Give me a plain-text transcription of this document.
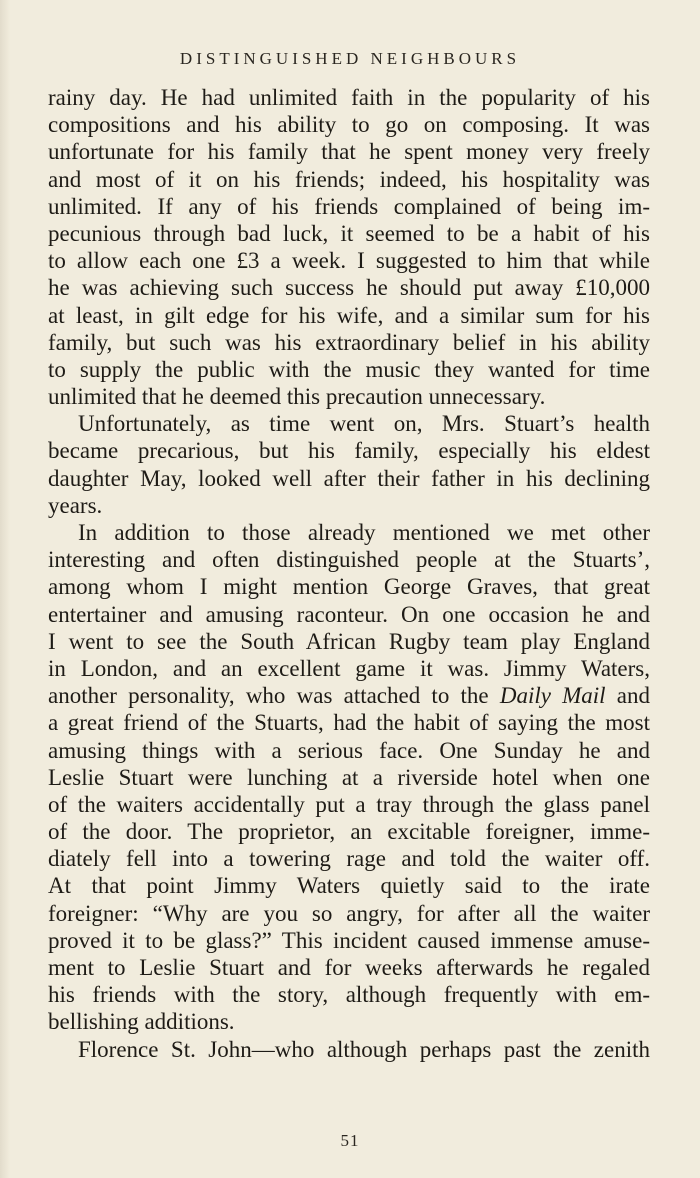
DISTINGUISHED NEIGHBOURS
rainy day. He had unlimited faith in the popularity of his
compositions and his ability to go on composing. It was
unfortunate for his family that he spent money very freely
and most of it on his friends; indeed, his hospitality was
unlimited. If any of his friends complained of being im-
pecunious through bad luck, it seemed to be a habit of his
to allow each one £3 a week. I suggested to him that while
he was achieving such success he should put away £10,000
at least, in gilt edge for his wife, and a similar sum for his
family, but such was his extraordinary belief in his ability
to supply the public with the music they wanted for time
unlimited that he deemed this precaution unnecessary.
Unfortunately, as time went on, Mrs. Stuart’s health
became precarious, but his family, especially his eldest
daughter May, looked well after their father in his declining
years.
In addition to those already mentioned we met other
interesting and often distinguished people at the Stuarts’,
among whom I might mention George Graves, that great
entertainer and amusing raconteur. On one occasion he and
I went to see the South African Rugby team play England
in London, and an excellent game it was. Jimmy Waters,
another personality, who was attached to the Daily Mail and
a great friend of the Stuarts, had the habit of saying the most
amusing things with a serious face. One Sunday he and
Leslie Stuart were lunching at a riverside hotel when one
of the waiters accidentally put a tray through the glass panel
of the door. The proprietor, an excitable foreigner, imme-
diately fell into a towering rage and told the waiter off.
At that point Jimmy Waters quietly said to the irate
foreigner: “Why are you so angry, for after all the waiter
proved it to be glass?” This incident caused immense amuse-
ment to Leslie Stuart and for weeks afterwards he regaled
his friends with the story, although frequently with em-
bellishing additions.
Florence St. John—who although perhaps past the zenith
51
